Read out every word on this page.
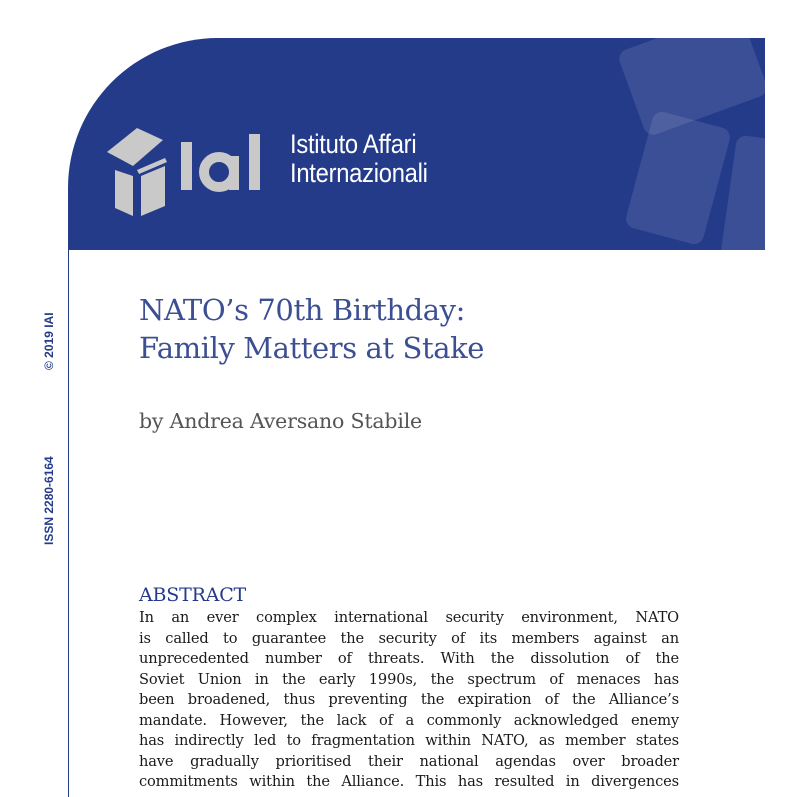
Istituto Affari
Internazionali
© 2019 IAI
ISSN 2280-6164
NATO’s 70th Birthday:
Family Matters at Stake
by Andrea Aversano Stabile
ABSTRACT
In an ever complex international security environment, NATO
is called to guarantee the security of its members against an
unprecedented number of threats. With the dissolution of the
Soviet Union in the early 1990s, the spectrum of menaces has
been broadened, thus preventing the expiration of the Alliance’s
mandate. However, the lack of a commonly acknowledged enemy
has indirectly led to fragmentation within NATO, as member states
have gradually prioritised their national agendas over broader
commitments within the Alliance. This has resulted in divergences
